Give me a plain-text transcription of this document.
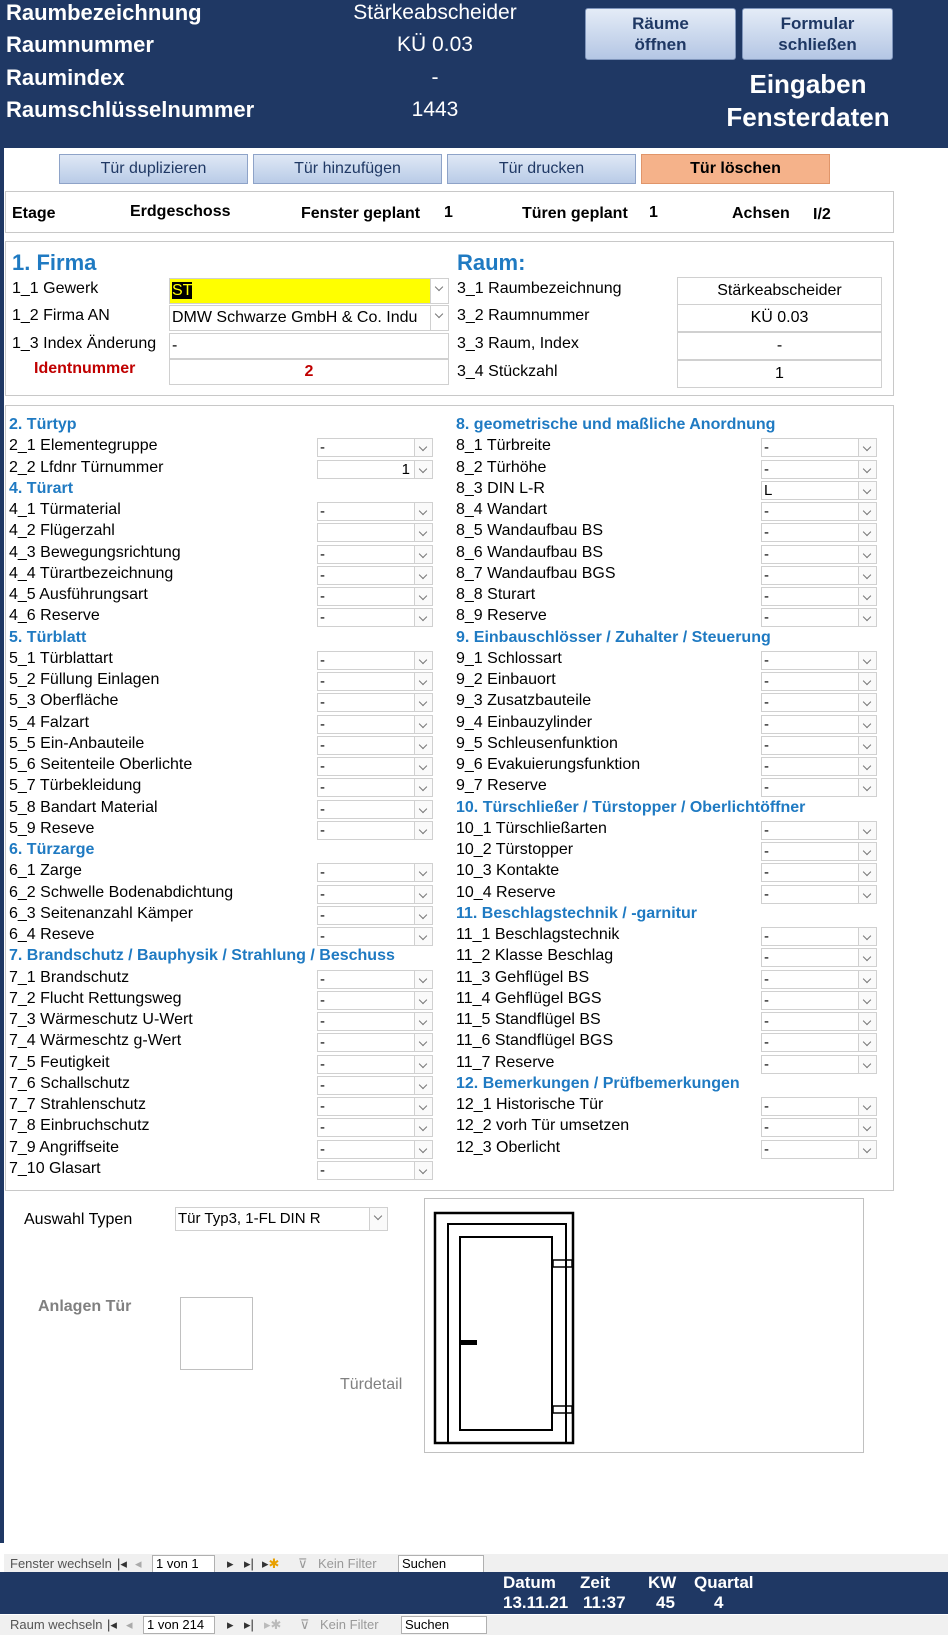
Raumbezeichnung	Stärkeabscheider
Raumnummer	KÜ 0.03
Raumindex	-
Raumschlüsselnummer	1443
Räume
öffnen
Formular
schließen
Eingaben
Fensterdaten
Tür duplizieren	Tür hinzufügen	Tür drucken	Tür löschen
Etage	Erdgeschoss	Fenster geplant 1	Türen geplant 1	Achsen I/2
1. Firma
1_1 Gewerk	ST
1_2 Firma AN	DMW Schwarze GmbH & Co. Indu
1_3 Index Änderung -
Identnummer	2
Raum:
3_1 Raumbezeichnung	Stärkeabscheider
3_2 Raumnummer	KÜ 0.03
3_3 Raum, Index	-
3_4 Stückzahl	1
2. Türtyp
2_1 Elementegruppe	-
2_2 Lfdnr Türnummer	1
4. Türart
4_1 Türmaterial	-
4_2 Flügerzahl
4_3 Bewegungsrichtung	-
4_4 Türartbezeichnung	-
4_5 Ausführungsart	-
4_6 Reserve	-
5. Türblatt
5_1 Türblattart	-
5_2 Füllung Einlagen	-
5_3 Oberfläche	-
5_4 Falzart	-
5_5 Ein-Anbauteile	-
5_6 Seitenteile Oberlichte	-
5_7 Türbekleidung	-
5_8 Bandart Material	-
5_9 Reseve	-
6. Türzarge
6_1 Zarge	-
6_2 Schwelle Bodenabdichtung	-
6_3 Seitenanzahl Kämper	-
6_4 Reseve	-
7. Brandschutz / Bauphysik / Strahlung / Beschuss
7_1 Brandschutz	-
7_2 Flucht Rettungsweg	-
7_3 Wärmeschutz U-Wert	-
7_4 Wärmeschtz g-Wert	-
7_5 Feutigkeit	-
7_6 Schallschutz	-
7_7 Strahlenschutz	-
7_8 Einbruchschutz	-
7_9 Angriffseite	-
7_10 Glasart	-
8. geometrische und maßliche Anordnung
8_1 Türbreite	-
8_2 Türhöhe	-
8_3 DIN L-R	L
8_4 Wandart	-
8_5 Wandaufbau BS	-
8_6 Wandaufbau BS	-
8_7 Wandaufbau BGS	-
8_8 Sturart	-
8_9 Reserve	-
9. Einbauschlösser / Zuhalter / Steuerung
9_1 Schlossart	-
9_2 Einbauort	-
9_3 Zusatzbauteile	-
9_4 Einbauzylinder	-
9_5 Schleusenfunktion	-
9_6 Evakuierungsfunktion	-
9_7 Reserve	-
10. Türschließer / Türstopper / Oberlichtöffner
10_1 Türschließarten	-
10_2 Türstopper	-
10_3 Kontakte	-
10_4 Reserve	-
11. Beschlagstechnik / -garnitur
11_1 Beschlagstechnik	-
11_2 Klasse Beschlag	-
11_3 Gehflügel BS	-
11_4 Gehflügel BGS	-
11_5 Standflügel BS	-
11_6 Standflügel BGS	-
11_7 Reserve	-
12. Bemerkungen / Prüfbemerkungen
12_1 Historische Tür	-
12_2 vorh Tür umsetzen	-
12_3 Oberlicht	-
Auswahl Typen	Tür Typ3, 1-FL DIN R
Anlagen Tür
Türdetail
Fenster wechseln |◂ ◂	1 von 1	▸ ▸| ▸✱ ⊽ Kein Filter	Suchen
Datum
13.11.21
Zeit
11:37
KW
45
Quartal
4
Raum wechseln |◂ ◂	1 von 214	▸ ▸| ▸✱ ⊽ Kein Filter	Suchen
